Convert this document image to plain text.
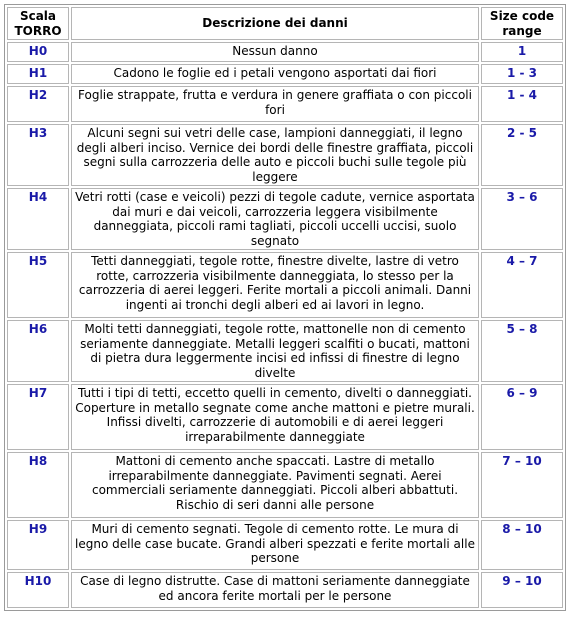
Scala TORRO	Descrizione dei danni	Size code range
H0	Nessun danno	1
H1	Cadono le foglie ed i petali vengono asportati dai fiori	1 - 3
H2	Foglie strappate, frutta e verdura in genere graffiata o con piccoli fori	1 - 4
H3	Alcuni segni sui vetri delle case, lampioni danneggiati, il legno degli alberi inciso. Vernice dei bordi delle finestre graffiata, piccoli segni sulla carrozzeria delle auto e piccoli buchi sulle tegole più leggere	2 - 5
H4	Vetri rotti (case e veicoli) pezzi di tegole cadute, vernice asportata dai muri e dai veicoli, carrozzeria leggera visibilmente danneggiata, piccoli rami tagliati, piccoli uccelli uccisi, suolo segnato	3 – 6
H5	Tetti danneggiati, tegole rotte, finestre divelte, lastre di vetro rotte, carrozzeria visibilmente danneggiata, lo stesso per la carrozzeria di aerei leggeri. Ferite mortali a piccoli animali. Danni ingenti ai tronchi degli alberi ed ai lavori in legno.	4 – 7
H6	Molti tetti danneggiati, tegole rotte, mattonelle non di cemento seriamente danneggiate. Metalli leggeri scalfiti o bucati, mattoni di pietra dura leggermente incisi ed infissi di finestre di legno divelte	5 – 8
H7	Tutti i tipi di tetti, eccetto quelli in cemento, divelti o danneggiati. Coperture in metallo segnate come anche mattoni e pietre murali. Infissi divelti, carrozzerie di automobili e di aerei leggeri irreparabilmente danneggiate	6 – 9
H8	Mattoni di cemento anche spaccati. Lastre di metallo irreparabilmente danneggiate. Pavimenti segnati. Aerei commerciali seriamente danneggiati. Piccoli alberi abbattuti. Rischio di seri danni alle persone	7 – 10
H9	Muri di cemento segnati. Tegole di cemento rotte. Le mura di legno delle case bucate. Grandi alberi spezzati e ferite mortali alle persone	8 – 10
H10	Case di legno distrutte. Case di mattoni seriamente danneggiate ed ancora ferite mortali per le persone	9 – 10
